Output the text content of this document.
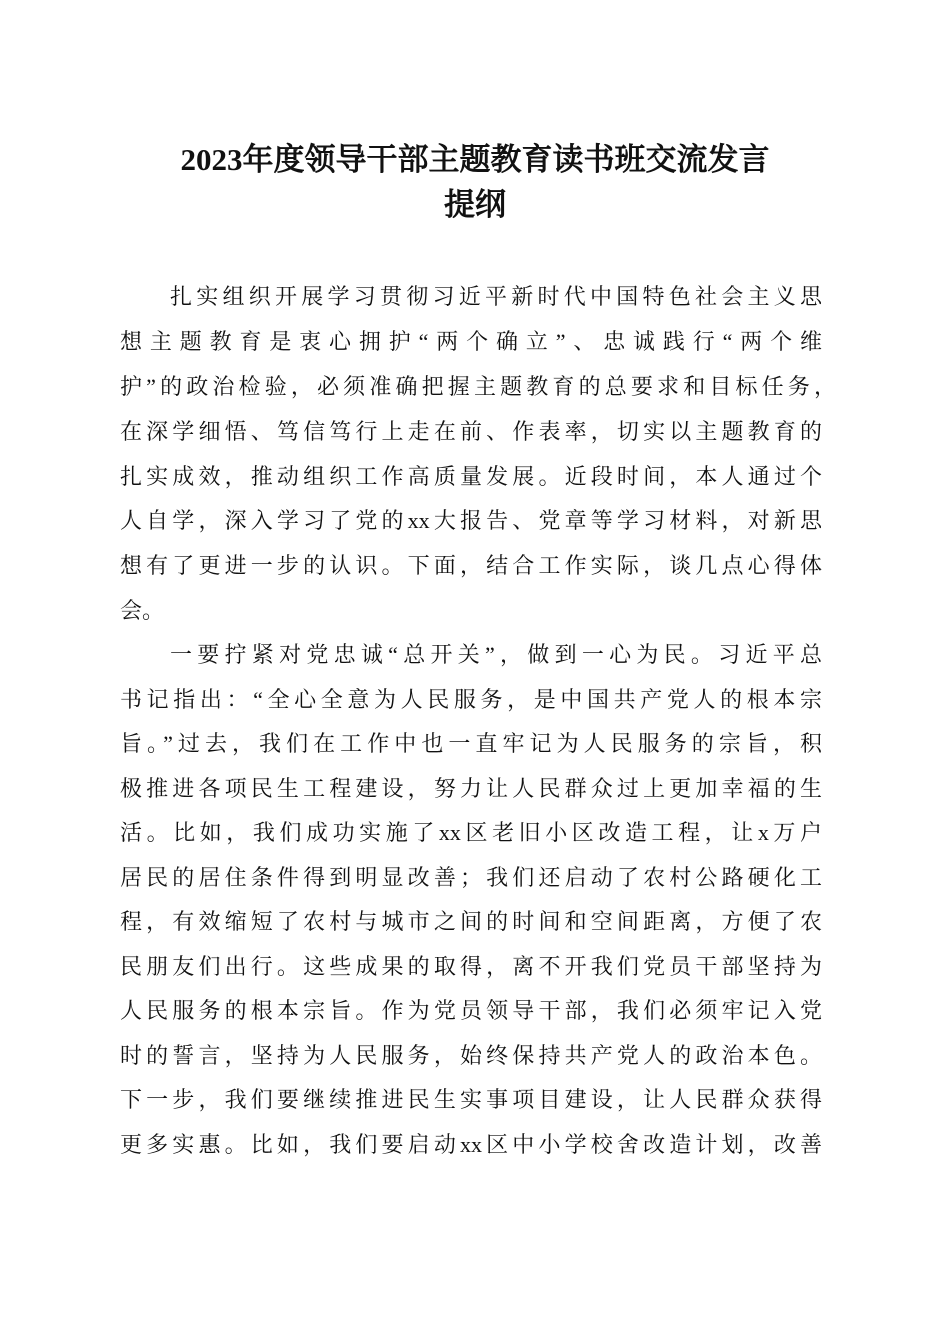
2023年度领导干部主题教育读书班交流发言
提纲
扎实组织开展学习贯彻习近平新时代中国特色社会主义思
想主题教育是衷心拥护“两个确立”、忠诚践行“两个维
护”的政治检验，必须准确把握主题教育的总要求和目标任务，
在深学细悟、笃信笃行上走在前、作表率，切实以主题教育的
扎实成效，推动组织工作高质量发展。近段时间，本人通过个
人自学，深入学习了党的xx大报告、党章等学习材料，对新思
想有了更进一步的认识。下面，结合工作实际，谈几点心得体
会。
一要拧紧对党忠诚“总开关”，做到一心为民。习近平总
书记指出：“全心全意为人民服务，是中国共产党人的根本宗
旨。”过去，我们在工作中也一直牢记为人民服务的宗旨，积
极推进各项民生工程建设，努力让人民群众过上更加幸福的生
活。比如，我们成功实施了xx区老旧小区改造工程，让x万户
居民的居住条件得到明显改善；我们还启动了农村公路硬化工
程，有效缩短了农村与城市之间的时间和空间距离，方便了农
民朋友们出行。这些成果的取得，离不开我们党员干部坚持为
人民服务的根本宗旨。作为党员领导干部，我们必须牢记入党
时的誓言，坚持为人民服务，始终保持共产党人的政治本色。
下一步，我们要继续推进民生实事项目建设，让人民群众获得
更多实惠。比如，我们要启动xx区中小学校舍改造计划，改善
